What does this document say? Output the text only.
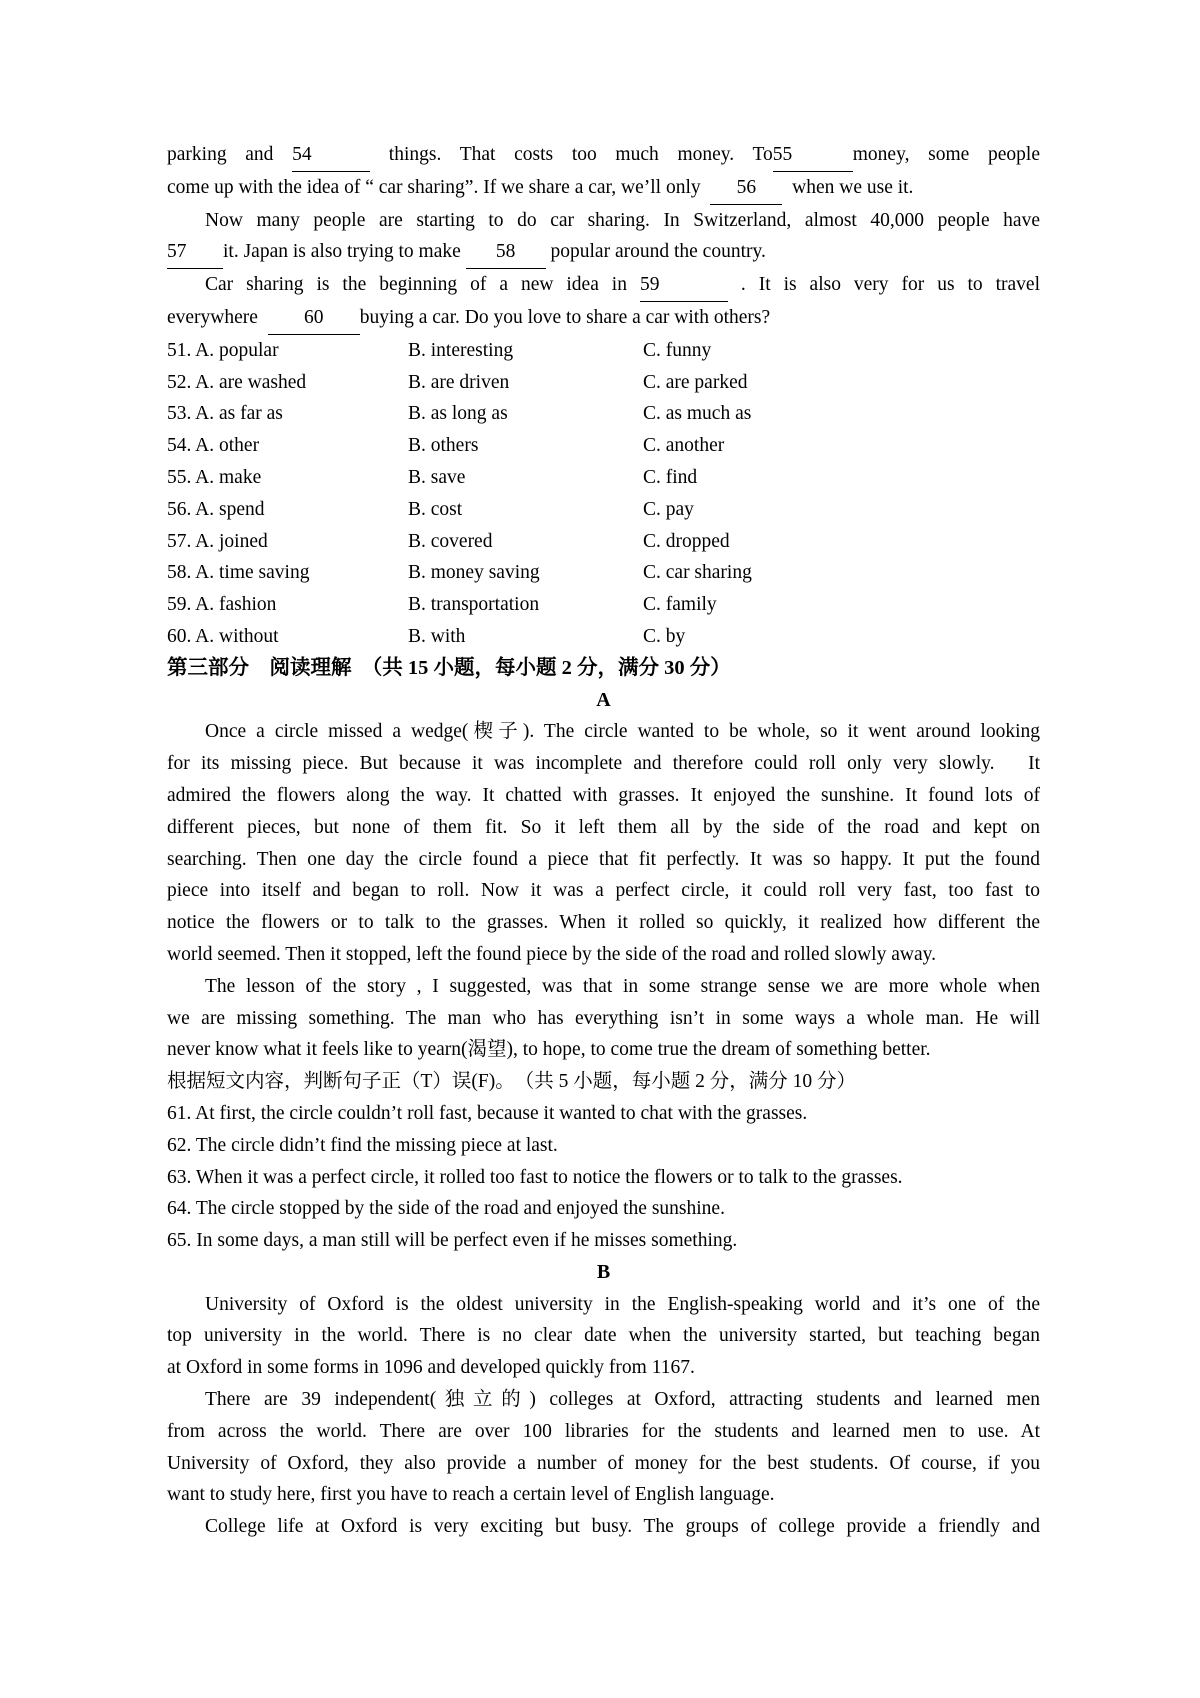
parking and 54	things. That costs too much money. To55	money, some people
come up with the idea of “ car sharing”. If we share a car, we’ll only  56  when we use it.
Now many people are starting to do car sharing. In Switzerland, almost 40,000 people have
57 it. Japan is also trying to make 58 popular around the country.
Car sharing is the beginning of a new idea in 59	. It is also very for us to travel
everywhere  60 buying a car. Do you love to share a car with others?
51. A. popular	B. interesting	C. funny
52. A. are washed	B. are driven	C. are parked
53. A. as far as	B. as long as	C. as much as
54. A. other	B. others	C. another
55. A. make	B. save	C. find
56. A. spend	B. cost	C. pay
57. A. joined	B. covered	C. dropped
58. A. time saving	B. money saving	C. car sharing
59. A. fashion	B. transportation	C. family
60. A. without	B. with	C. by
第三部分　阅读理解　（共 15 小题，每小题 2 分，满分 30 分）
A
Once a circle missed a wedge(楔子). The circle wanted to be whole, so it went around looking
for its missing piece. But because it was incomplete and therefore could roll only very slowly.   It
admired the flowers along the way. It chatted with grasses. It enjoyed the sunshine. It found lots of
different pieces, but none of them fit. So it left them all by the side of the road and kept on
searching. Then one day the circle found a piece that fit perfectly. It was so happy. It put the found
piece into itself and began to roll. Now it was a perfect circle, it could roll very fast, too fast to
notice the flowers or to talk to the grasses. When it rolled so quickly, it realized how different the
world seemed. Then it stopped, left the found piece by the side of the road and rolled slowly away.
The lesson of the story , I suggested, was that in some strange sense we are more whole when
we are missing something. The man who has everything isn’t in some ways a whole man. He will
never know what it feels like to yearn(渴望), to hope, to come true the dream of something better.
根据短文内容，判断句子正（T）误(F)。　（共 5 小题，每小题 2 分，满分 10 分）
61. At first, the circle couldn’t roll fast, because it wanted to chat with the grasses.
62. The circle didn’t find the missing piece at last.
63. When it was a perfect circle, it rolled too fast to notice the flowers or to talk to the grasses.
64. The circle stopped by the side of the road and enjoyed the sunshine.
65. In some days, a man still will be perfect even if he misses something.
B
University of Oxford is the oldest university in the English-speaking world and it’s one of the
top university in the world. There is no clear date when the university started, but teaching began
at Oxford in some forms in 1096 and developed quickly from 1167.
There are 39 independent(独立的) colleges at Oxford, attracting students and learned men
from across the world. There are over 100 libraries for the students and learned men to use. At
University of Oxford, they also provide a number of money for the best students. Of course, if you
want to study here, first you have to reach a certain level of English language.
College life at Oxford is very exciting but busy. The groups of college provide a friendly and
